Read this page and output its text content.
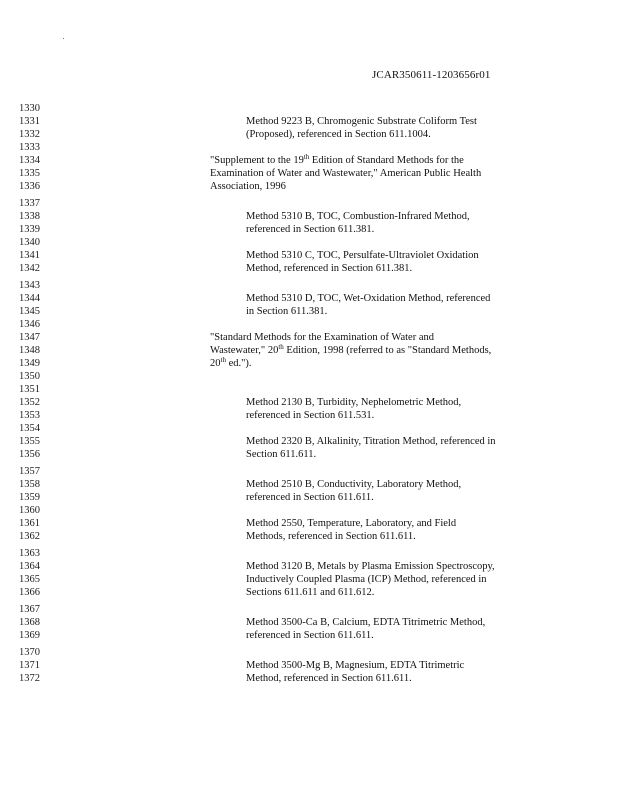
JCAR350611-1203656r01
1330
1331
1332
1333
1334
1335
1336
1337
1338
1339
1340
1341
1342
1343
1344
1345
1346
1347
1348
1349
1350
1351
1352
1353
1354
1355
1356
1357
1358
1359
1360
1361
1362
1363
1364
1365
1366
1367
1368
1369
1370
1371
1372
Method 9223 B, Chromogenic Substrate Coliform Test
(Proposed), referenced in Section 611.1004.
"Supplement to the 19th Edition of Standard Methods for the
Examination of Water and Wastewater," American Public Health
Association, 1996
Method 5310 B, TOC, Combustion-Infrared Method,
referenced in Section 611.381.
Method 5310 C, TOC, Persulfate-Ultraviolet Oxidation
Method, referenced in Section 611.381.
Method 5310 D, TOC, Wet-Oxidation Method, referenced
in Section 611.381.
"Standard Methods for the Examination of Water and
Wastewater," 20th Edition, 1998 (referred to as "Standard Methods,
20th ed.").
Method 2130 B, Turbidity, Nephelometric Method,
referenced in Section 611.531.
Method 2320 B, Alkalinity, Titration Method, referenced in
Section 611.611.
Method 2510 B, Conductivity, Laboratory Method,
referenced in Section 611.611.
Method 2550, Temperature, Laboratory, and Field
Methods, referenced in Section 611.611.
Method 3120 B, Metals by Plasma Emission Spectroscopy,
Inductively Coupled Plasma (ICP) Method, referenced in
Sections 611.611 and 611.612.
Method 3500-Ca B, Calcium, EDTA Titrimetric Method,
referenced in Section 611.611.
Method 3500-Mg B, Magnesium, EDTA Titrimetric
Method, referenced in Section 611.611.
